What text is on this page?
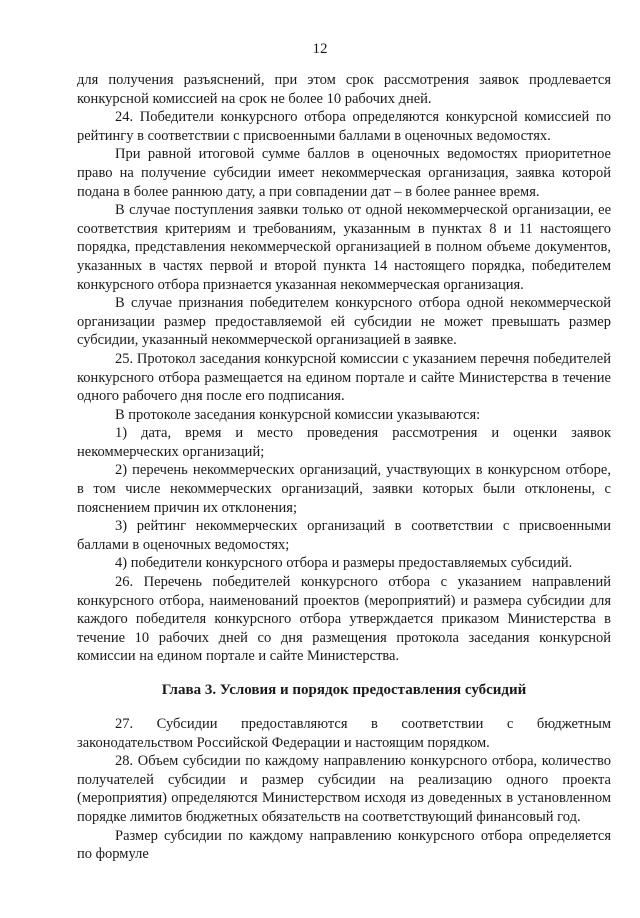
12

для получения разъяснений, при этом срок рассмотрения заявок продлевается конкурсной комиссией на срок не более 10 рабочих дней.

24. Победители конкурсного отбора определяются конкурсной комиссией по рейтингу в соответствии с присвоенными баллами в оценочных ведомостях.

При равной итоговой сумме баллов в оценочных ведомостях приоритетное право на получение субсидии имеет некоммерческая организация, заявка которой подана в более раннюю дату, а при совпадении дат – в более раннее время.

В случае поступления заявки только от одной некоммерческой организации, ее соответствия критериям и требованиям, указанным в пунктах 8 и 11 настоящего порядка, представления некоммерческой организацией в полном объеме документов, указанных в частях первой и второй пункта 14 настоящего порядка, победителем конкурсного отбора признается указанная некоммерческая организация.

В случае признания победителем конкурсного отбора одной некоммерческой организации размер предоставляемой ей субсидии не может превышать размер субсидии, указанный некоммерческой организацией в заявке.

25. Протокол заседания конкурсной комиссии с указанием перечня победителей конкурсного отбора размещается на едином портале и сайте Министерства в течение одного рабочего дня после его подписания.

В протоколе заседания конкурсной комиссии указываются:

1) дата, время и место проведения рассмотрения и оценки заявок некоммерческих организаций;

2) перечень некоммерческих организаций, участвующих в конкурсном отборе, в том числе некоммерческих организаций, заявки которых были отклонены, с пояснением причин их отклонения;

3) рейтинг некоммерческих организаций в соответствии с присвоенными баллами в оценочных ведомостях;

4) победители конкурсного отбора и размеры предоставляемых субсидий.

26. Перечень победителей конкурсного отбора с указанием направлений конкурсного отбора, наименований проектов (мероприятий) и размера субсидии для каждого победителя конкурсного отбора утверждается приказом Министерства в течение 10 рабочих дней со дня размещения протокола заседания конкурсной комиссии на едином портале и сайте Министерства.

Глава 3. Условия и порядок предоставления субсидий

27. Субсидии предоставляются в соответствии с бюджетным законодательством Российской Федерации и настоящим порядком.

28. Объем субсидии по каждому направлению конкурсного отбора, количество получателей субсидии и размер субсидии на реализацию одного проекта (мероприятия) определяются Министерством исходя из доведенных в установленном порядке лимитов бюджетных обязательств на соответствующий финансовый год.

Размер субсидии по каждому направлению конкурсного отбора определяется по формуле
